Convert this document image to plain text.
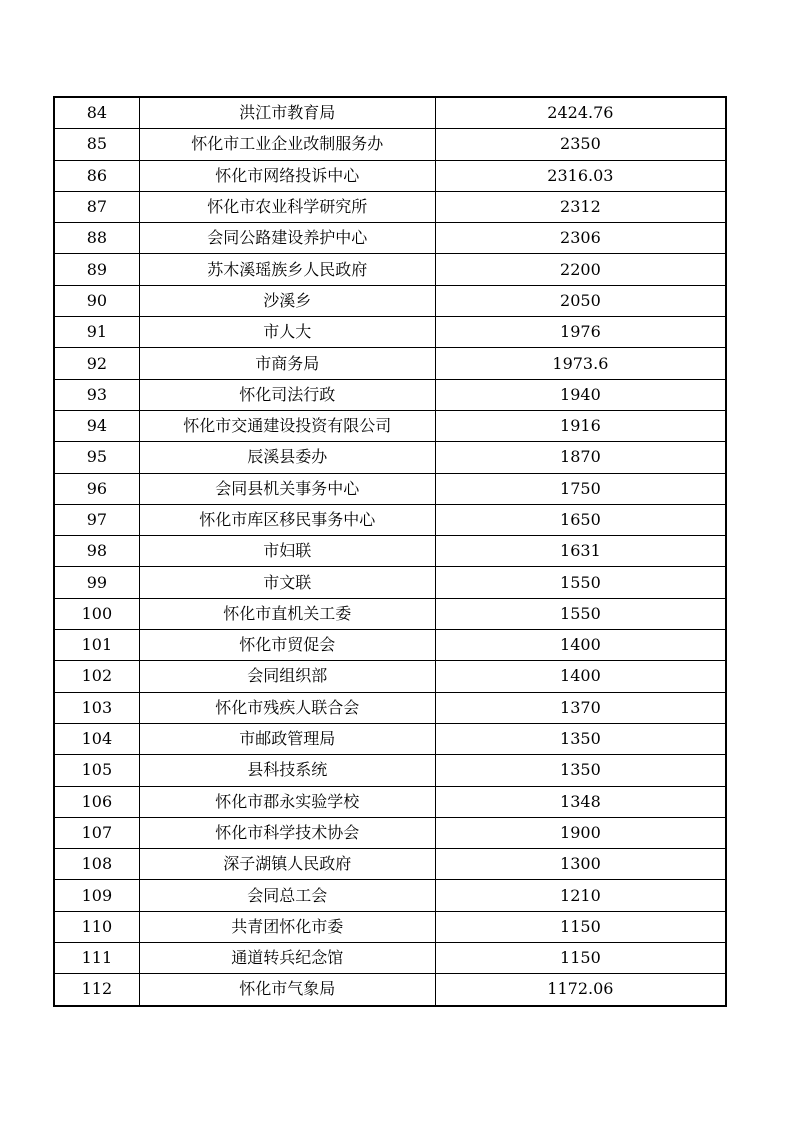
84	洪江市教育局	2424.76
85	怀化市工业企业改制服务办	2350
86	怀化市网络投诉中心	2316.03
87	怀化市农业科学研究所	2312
88	会同公路建设养护中心	2306
89	苏木溪瑶族乡人民政府	2200
90	沙溪乡	2050
91	市人大	1976
92	市商务局	1973.6
93	怀化司法行政	1940
94	怀化市交通建设投资有限公司	1916
95	辰溪县委办	1870
96	会同县机关事务中心	1750
97	怀化市库区移民事务中心	1650
98	市妇联	1631
99	市文联	1550
100	怀化市直机关工委	1550
101	怀化市贸促会	1400
102	会同组织部	1400
103	怀化市残疾人联合会	1370
104	市邮政管理局	1350
105	县科技系统	1350
106	怀化市郡永实验学校	1348
107	怀化市科学技术协会	1900
108	深子湖镇人民政府	1300
109	会同总工会	1210
110	共青团怀化市委	1150
111	通道转兵纪念馆	1150
112	怀化市气象局	1172.06
